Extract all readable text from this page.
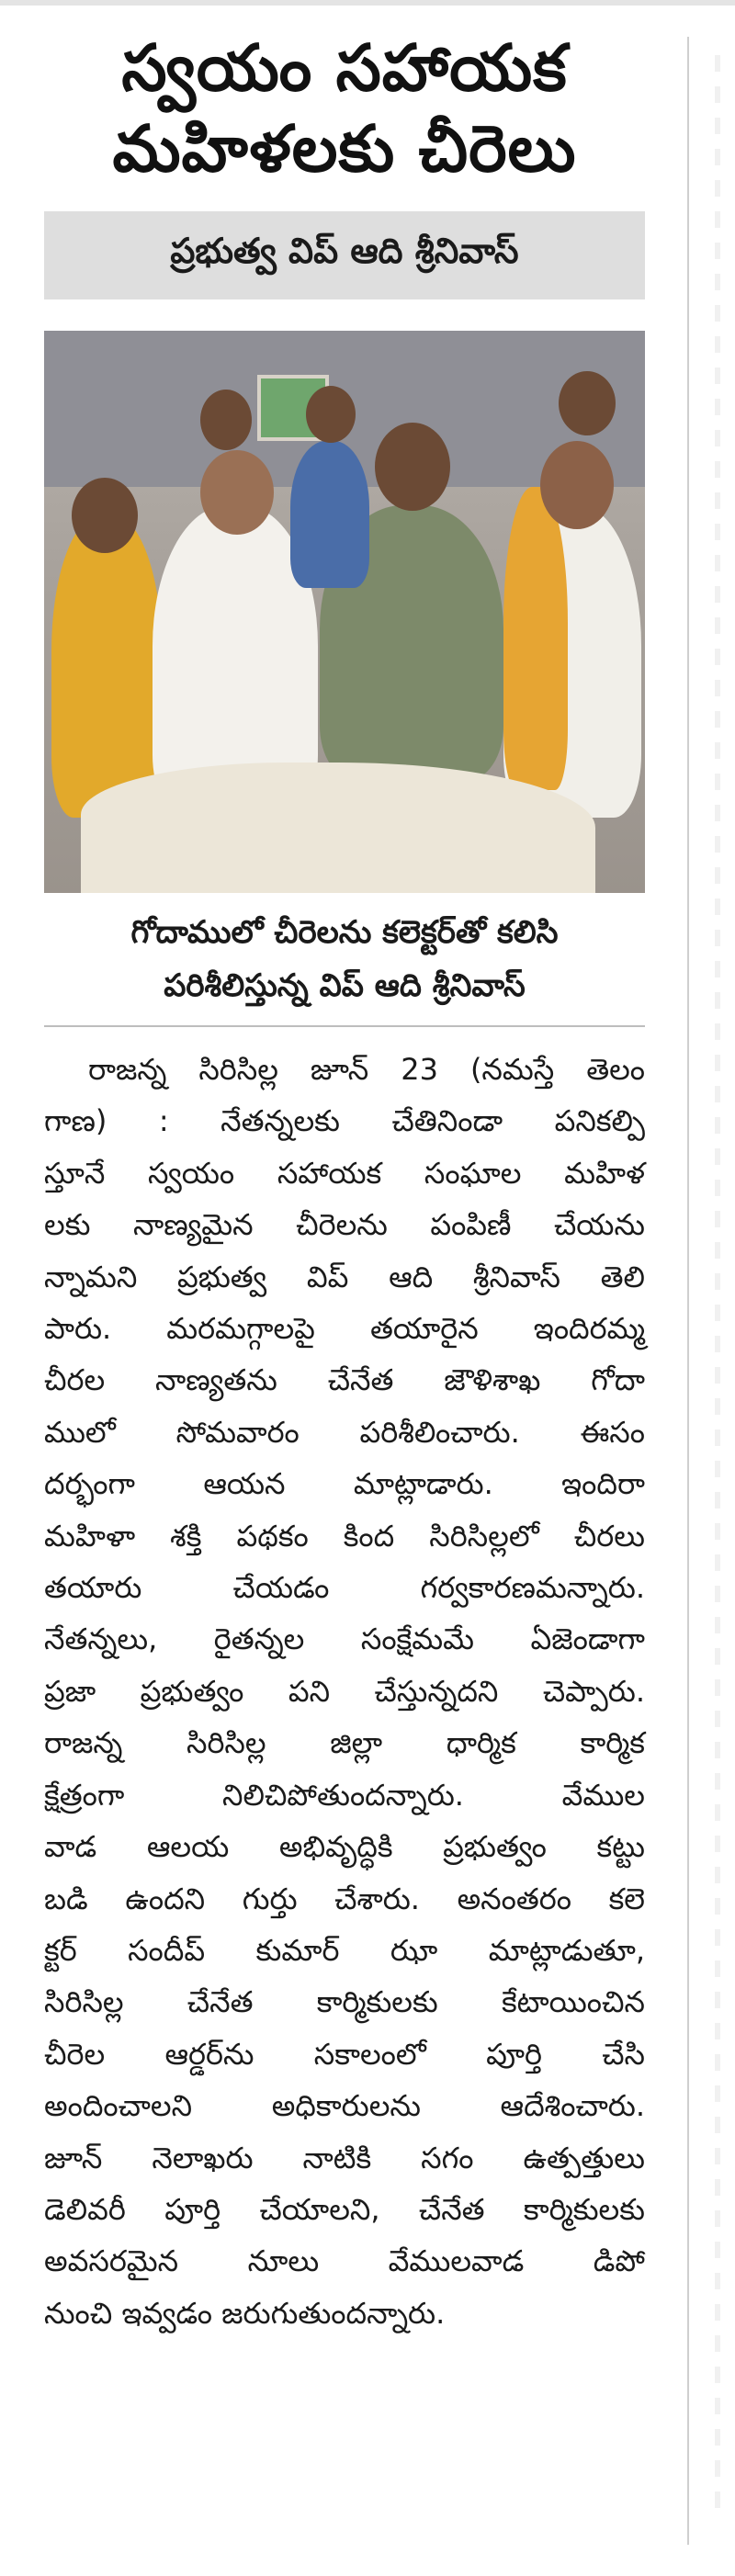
స్వయం సహాయక
మహిళలకు చీరెలు
ప్రభుత్వ విప్ ఆది శ్రీనివాస్

గోదాములో చీరెలను కలెక్టర్‌తో కలిసి

పరిశీలిస్తున్న విప్ ఆది శ్రీనివాస్

రాజన్న సిరిసిల్ల జూన్ 23 (నమస్తే తెలం

గాణ) : నేతన్నలకు చేతినిండా పనికల్పి

స్తూనే స్వయం సహాయక సంఘాల మహిళ

లకు నాణ్యమైన చీరెలను పంపిణీ చేయను

న్నామని ప్రభుత్వ విప్ ఆది శ్రీనివాస్ తెలి

పారు. మరమగ్గాలపై తయారైన ఇందిరమ్మ

చీరల నాణ్యతను చేనేత జౌళిశాఖ గోదా

ములో సోమవారం పరిశీలించారు. ఈసం

దర్భంగా ఆయన మాట్లాడారు. ఇందిరా

మహిళా శక్తి పథకం కింద సిరిసిల్లలో చీరలు

తయారు చేయడం గర్వకారణమన్నారు.

నేతన్నలు, రైతన్నల సంక్షేమమే ఏజెండాగా

ప్రజా ప్రభుత్వం పని చేస్తున్నదని చెప్పారు.

రాజన్న సిరిసిల్ల జిల్లా ధార్మిక కార్మిక

క్షేత్రంగా నిలిచిపోతుందన్నారు. వేముల

వాడ ఆలయ అభివృద్ధికి ప్రభుత్వం కట్టు

బడి ఉందని గుర్తు చేశారు. అనంతరం కలె

క్టర్ సందీప్ కుమార్ ఝా మాట్లాడుతూ,

సిరిసిల్ల చేనేత కార్మికులకు కేటాయించిన

చీరెల ఆర్డర్‌ను సకాలంలో పూర్తి చేసి

అందించాలని అధికారులను ఆదేశించారు.

జూన్ నెలాఖరు నాటికి సగం ఉత్పత్తులు

డెలివరీ పూర్తి చేయాలని, చేనేత కార్మికులకు

అవసరమైన నూలు వేములవాడ డిపో

నుంచి ఇవ్వడం జరుగుతుందన్నారు.
